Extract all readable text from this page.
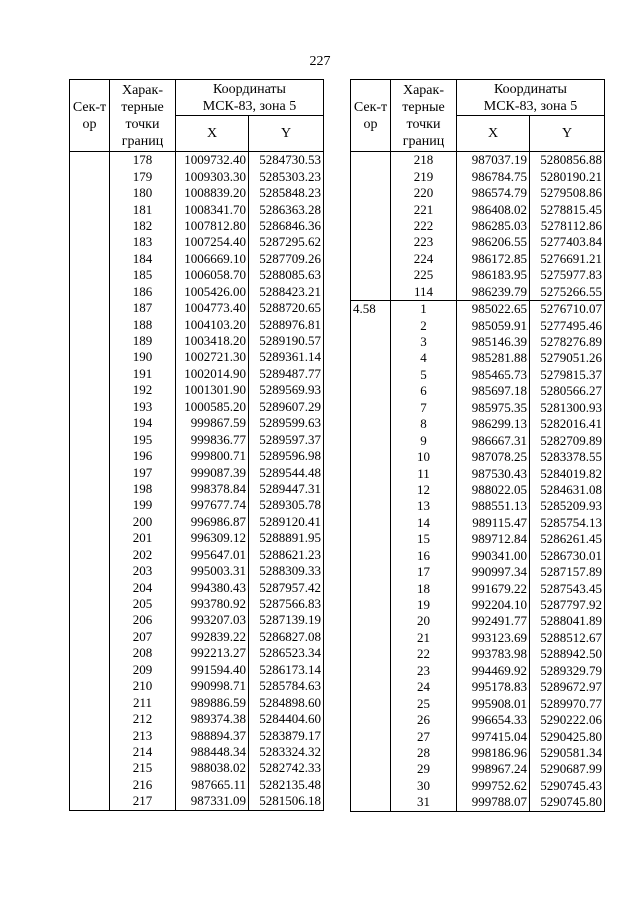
227
Сек-тор	Харак-терные точки границ	Координаты МСК-83, зона 5	
		X	Y
	178	1009732.40	5284730.53
	179	1009303.30	5285303.23
	180	1008839.20	5285848.23
	181	1008341.70	5286363.28
	182	1007812.80	5286846.36
	183	1007254.40	5287295.62
	184	1006669.10	5287709.26
	185	1006058.70	5288085.63
	186	1005426.00	5288423.21
	187	1004773.40	5288720.65
	188	1004103.20	5288976.81
	189	1003418.20	5289190.57
	190	1002721.30	5289361.14
	191	1002014.90	5289487.77
	192	1001301.90	5289569.93
	193	1000585.20	5289607.29
	194	999867.59	5289599.63
	195	999836.77	5289597.37
	196	999800.71	5289596.98
	197	999087.39	5289544.48
	198	998378.84	5289447.31
	199	997677.74	5289305.78
	200	996986.87	5289120.41
	201	996309.12	5288891.95
	202	995647.01	5288621.23
	203	995003.31	5288309.33
	204	994380.43	5287957.42
	205	993780.92	5287566.83
	206	993207.03	5287139.19
	207	992839.22	5286827.08
	208	992213.27	5286523.34
	209	991594.40	5286173.14
	210	990998.71	5285784.63
	211	989886.59	5284898.60
	212	989374.38	5284404.60
	213	988894.37	5283879.17
	214	988448.34	5283324.32
	215	988038.02	5282742.33
	216	987665.11	5282135.48
	217	987331.09	5281506.18
Сек-тор	Харак-терные точки границ	Координаты МСК-83, зона 5	
		X	Y
	218	987037.19	5280856.88
	219	986784.75	5280190.21
	220	986574.79	5279508.86
	221	986408.02	5278815.45
	222	986285.03	5278112.86
	223	986206.55	5277403.84
	224	986172.85	5276691.21
	225	986183.95	5275977.83
	114	986239.79	5275266.55
4.58	1	985022.65	5276710.07
	2	985059.91	5277495.46
	3	985146.39	5278276.89
	4	985281.88	5279051.26
	5	985465.73	5279815.37
	6	985697.18	5280566.27
	7	985975.35	5281300.93
	8	986299.13	5282016.41
	9	986667.31	5282709.89
	10	987078.25	5283378.55
	11	987530.43	5284019.82
	12	988022.05	5284631.08
	13	988551.13	5285209.93
	14	989115.47	5285754.13
	15	989712.84	5286261.45
	16	990341.00	5286730.01
	17	990997.34	5287157.89
	18	991679.22	5287543.45
	19	992204.10	5287797.92
	20	992491.77	5288041.89
	21	993123.69	5288512.67
	22	993783.98	5288942.50
	23	994469.92	5289329.79
	24	995178.83	5289672.97
	25	995908.01	5289970.77
	26	996654.33	5290222.06
	27	997415.04	5290425.80
	28	998186.96	5290581.34
	29	998967.24	5290687.99
	30	999752.62	5290745.43
	31	999788.07	5290745.80
